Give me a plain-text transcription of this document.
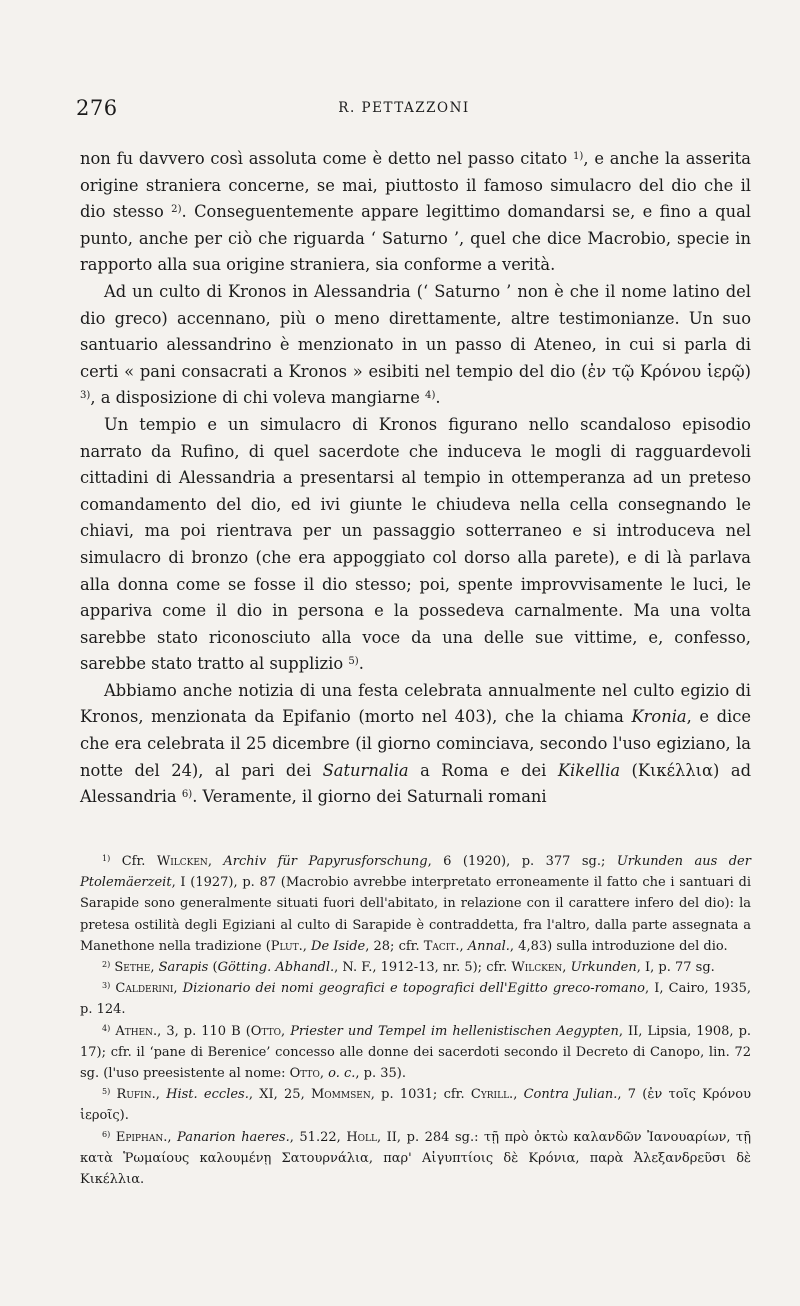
276	R. PETTAZZONI

non fu davvero così assoluta come è detto nel passo citato $^{1)}$, e anche la asserita origine straniera concerne, se mai, piuttosto il famoso simulacro del dio che il dio stesso $^{2)}$. Conseguentemente appare legittimo domandarsi se, e fino a qual punto, anche per ciò che riguarda ‘ Saturno ’, quel che dice Macrobio, specie in rapporto alla sua origine straniera, sia conforme a verità.

Ad un culto di Kronos in Alessandria (‘ Saturno ’ non è che il nome latino del dio greco) accennano, più o meno direttamente, altre testimonianze. Un suo santuario alessandrino è menzionato in un passo di Ateneo, in cui si parla di certi « pani consacrati a Kronos » esibiti nel tempio del dio (ἐν τῷ Κρόνου ἱερῷ) $^{3)}$, a disposizione di chi voleva mangiarne $^{4)}$.

Un tempio e un simulacro di Kronos figurano nello scandaloso episodio narrato da Rufino, di quel sacerdote che induceva le mogli di ragguardevoli cittadini di Alessandria a presentarsi al tempio in ottemperanza ad un preteso comandamento del dio, ed ivi giunte le chiudeva nella cella consegnando le chiavi, ma poi rientrava per un passaggio sotterraneo e si introduceva nel simulacro di bronzo (che era appoggiato col dorso alla parete), e di là parlava alla donna come se fosse il dio stesso; poi, spente improvvisamente le luci, le appariva come il dio in persona e la possedeva carnalmente. Ma una volta sarebbe stato riconosciuto alla voce da una delle sue vittime, e, confesso, sarebbe stato tratto al supplizio $^{5)}$.

Abbiamo anche notizia di una festa celebrata annualmente nel culto egizio di Kronos, menzionata da Epifanio (morto nel 403), che la chiama Kronia, e dice che era celebrata il 25 dicembre (il giorno cominciava, secondo l'uso egiziano, la notte del 24), al pari dei Saturnalia a Roma e dei Kikellia (Κικέλλια) ad Alessandria $^{6)}$. Veramente, il giorno dei Saturnali romani

$^{1)}$ Cfr. Wilcken, Archiv für Papyrusforschung, 6 (1920), p. 377 sg.; Urkunden aus der Ptolemäerzeit, I (1927), p. 87 (Macrobio avrebbe interpretato erroneamente il fatto che i santuari di Sarapide sono generalmente situati fuori dell'abitato, in relazione con il carattere infero del dio): la pretesa ostilità degli Egiziani al culto di Sarapide è contraddetta, fra l'altro, dalla parte assegnata a Manethone nella tradizione (Plut., De Iside, 28; cfr. Tacit., Annal., 4,83) sulla introduzione del dio.

$^{2)}$ Sethe, Sarapis (Götting. Abhandl., N. F., 1912-13, nr. 5); cfr. Wilcken, Urkunden, I, p. 77 sg.

$^{3)}$ Calderini, Dizionario dei nomi geografici e topografici dell'Egitto greco-romano, I, Cairo, 1935, p. 124.

$^{4)}$ Athen., 3, p. 110 B (Otto, Priester und Tempel im hellenistischen Aegypten, II, Lipsia, 1908, p. 17); cfr. il ‘pane di Berenice’ concesso alle donne dei sacerdoti secondo il Decreto di Canopo, lin. 72 sg. (l'uso preesistente al nome: Otto, o. c., p. 35).

$^{5)}$ Rufin., Hist. eccles., XI, 25, Mommsen, p. 1031; cfr. Cyrill., Contra Julian., 7 (ἐν τοῖς Κρόνου ἱεροῖς).

$^{6)}$ Epiphan., Panarion haeres., 51.22, Holl, II, p. 284 sg.: τῇ πρὸ ὀκτὼ καλανδῶν Ἰανουαρίων, τῇ κατὰ Ῥωμαίους καλουμένῃ Σατουρνάλια, παρ' Αἰγυπτίοις δὲ Κρόνια, παρὰ Ἀλεξανδρεῦσι δὲ Κικέλλια.
